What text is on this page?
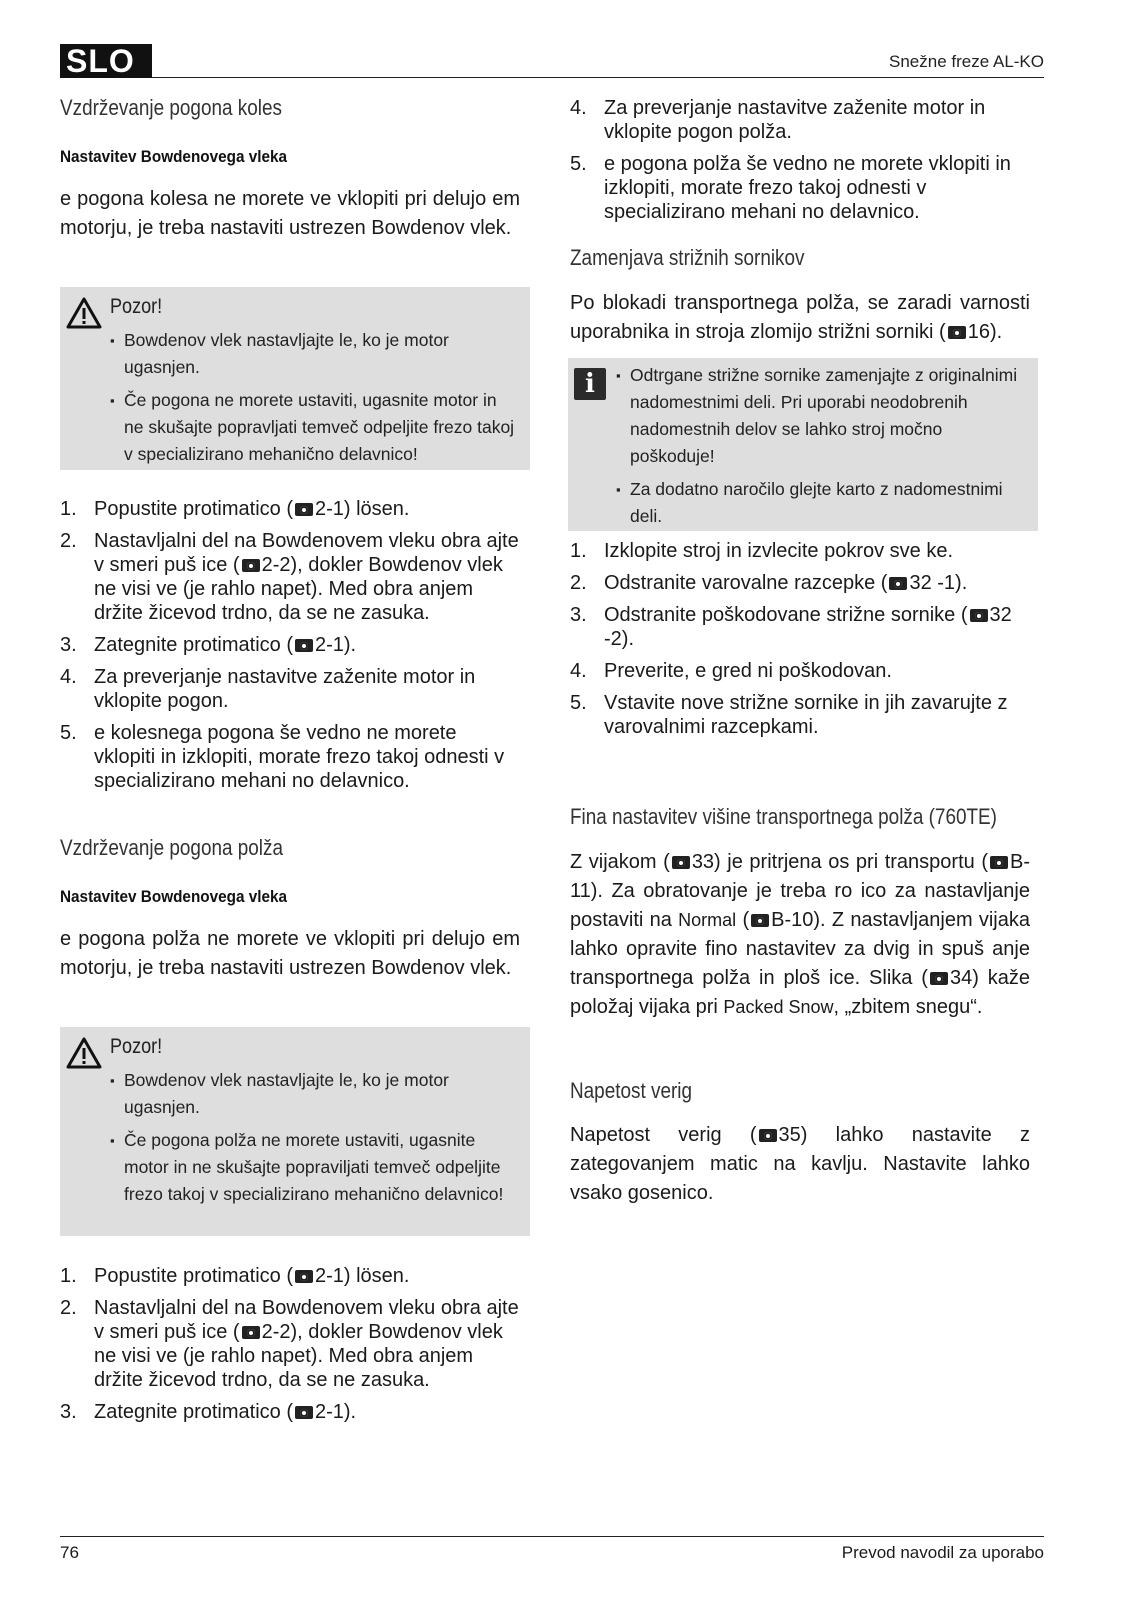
SLO	Snežne freze AL-KO
Vzdrževanje pogona koles
Nastavitev Bowdenovega vleka

e pogona kolesa ne morete ve vklopiti pri delujo em motorju, je treba nastaviti ustrezen Bowdenov vlek.

Pozor!
▪ Bowdenov vlek nastavljajte le, ko je motor ugasnjen.
▪ Če pogona ne morete ustaviti, ugasnite motor in ne skušajte popravljati temveč odpeljite frezo takoj v specializirano mehanično delavnico!
1. Popustite protimatico ( 2-1) lösen.
2. Nastavljalni del na Bowdenovem vleku obra ajte v smeri puš ice ( 2-2), dokler Bowdenov vlek ne visi ve (je rahlo napet). Med obra anjem držite žicevod trdno, da se ne zasuka.
3. Zategnite protimatico ( 2-1).
4. Za preverjanje nastavitve zaženite motor in vklopite pogon.
5. e kolesnega pogona še vedno ne morete vklopiti in izklopiti, morate frezo takoj odnesti v specializirano mehani no delavnico.
Vzdrževanje pogona polža
Nastavitev Bowdenovega vleka

e pogona polža ne morete ve vklopiti pri delujo em motorju, je treba nastaviti ustrezen Bowdenov vlek.

Pozor!
▪ Bowdenov vlek nastavljajte le, ko je motor ugasnjen.
▪ Če pogona polža ne morete ustaviti, ugasnite motor in ne skušajte popraviljati temveč odpeljite frezo takoj v specializirano mehanično delavnico!
1. Popustite protimatico ( 2-1) lösen.
2. Nastavljalni del na Bowdenovem vleku obra ajte v smeri puš ice ( 2-2), dokler Bowdenov vlek ne visi ve (je rahlo napet). Med obra anjem držite žicevod trdno, da se ne zasuka.
3. Zategnite protimatico ( 2-1).
4. Za preverjanje nastavitve zaženite motor in vklopite pogon polža.
5. e pogona polža še vedno ne morete vklopiti in izklopiti, morate frezo takoj odnesti v specializirano mehani no delavnico.
Zamenjava strižnih sornikov

Po blokadi transportnega polža, se zaradi varnosti uporabnika in stroja zlomijo strižni sorniki ( 16).

i	▪ Odtrgane strižne sornike zamenjajte z originalnimi nadomestnimi deli. Pri uporabi neodobrenih nadomestnih delov se lahko stroj močno poškoduje!
▪ Za dodatno naročilo glejte karto z nadomestnimi deli.
1. Izklopite stroj in izvlecite pokrov sve ke.
2. Odstranite varovalne razcepke ( 32 -1).
3. Odstranite poškodovane strižne sornike ( 32 -2).
4. Preverite, e gred ni poškodovan.
5. Vstavite nove strižne sornike in jih zavarujte z varovalnimi razcepkami.
Fina nastavitev višine transportnega polža (760TE)

Z vijakom ( 33) je pritrjena os pri transportu ( B-11). Za obratovanje je treba ro ico za nastavljanje postaviti na Normal ( B-10). Z nastavljanjem vijaka lahko opravite fino nastavitev za dvig in spuš anje transportnega polža in ploš ice. Slika ( 34) kaže položaj vijaka pri Packed Snow, „zbitem snegu“.

Napetost verig

Napetost verig ( 35) lahko nastavite z zategovanjem matic na kavlju. Nastavite lahko vsako gosenico.

76	Prevod navodil za uporabo
